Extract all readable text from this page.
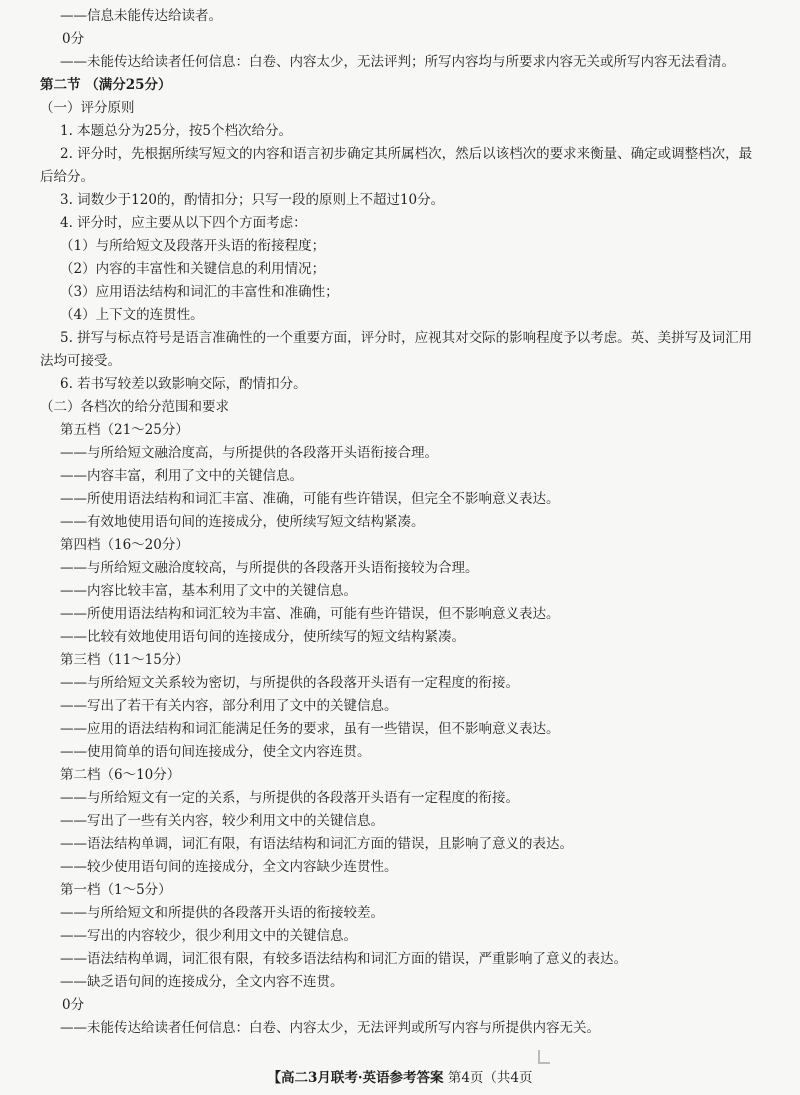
——信息未能传达给读者。
0分
——未能传达给读者任何信息：白卷、内容太少，无法评判；所写内容均与所要求内容无关或所写内容无法看清。
第二节 （满分25分）
（一）评分原则
1. 本题总分为25分，按5个档次给分。
2. 评分时，先根据所续写短文的内容和语言初步确定其所属档次，然后以该档次的要求来衡量、确定或调整档次，最
后给分。
3. 词数少于120的，酌情扣分；只写一段的原则上不超过10分。
4. 评分时，应主要从以下四个方面考虑：
（1）与所给短文及段落开头语的衔接程度；
（2）内容的丰富性和关键信息的利用情况；
（3）应用语法结构和词汇的丰富性和准确性；
（4）上下文的连贯性。
5. 拼写与标点符号是语言准确性的一个重要方面，评分时，应视其对交际的影响程度予以考虑。英、美拼写及词汇用
法均可接受。
6. 若书写较差以致影响交际，酌情扣分。
（二）各档次的给分范围和要求
第五档（21～25分）
——与所给短文融洽度高，与所提供的各段落开头语衔接合理。
——内容丰富，利用了文中的关键信息。
——所使用语法结构和词汇丰富、准确，可能有些许错误，但完全不影响意义表达。
——有效地使用语句间的连接成分，使所续写短文结构紧凑。
第四档（16～20分）
——与所给短文融洽度较高，与所提供的各段落开头语衔接较为合理。
——内容比较丰富，基本利用了文中的关键信息。
——所使用语法结构和词汇较为丰富、准确，可能有些许错误，但不影响意义表达。
——比较有效地使用语句间的连接成分，使所续写的短文结构紧凑。
第三档（11～15分）
——与所给短文关系较为密切，与所提供的各段落开头语有一定程度的衔接。
——写出了若干有关内容，部分利用了文中的关键信息。
——应用的语法结构和词汇能满足任务的要求，虽有一些错误，但不影响意义表达。
——使用简单的语句间连接成分，使全文内容连贯。
第二档（6～10分）
——与所给短文有一定的关系，与所提供的各段落开头语有一定程度的衔接。
——写出了一些有关内容，较少利用文中的关键信息。
——语法结构单调，词汇有限，有语法结构和词汇方面的错误，且影响了意义的表达。
——较少使用语句间的连接成分，全文内容缺少连贯性。
第一档（1～5分）
——与所给短文和所提供的各段落开头语的衔接较差。
——写出的内容较少，很少利用文中的关键信息。
——语法结构单调，词汇很有限，有较多语法结构和词汇方面的错误，严重影响了意义的表达。
——缺乏语句间的连接成分，全文内容不连贯。
0分
——未能传达给读者任何信息：白卷、内容太少，无法评判或所写内容与所提供内容无关。
【高二3月联考·英语参考答案 第4页（共4页
